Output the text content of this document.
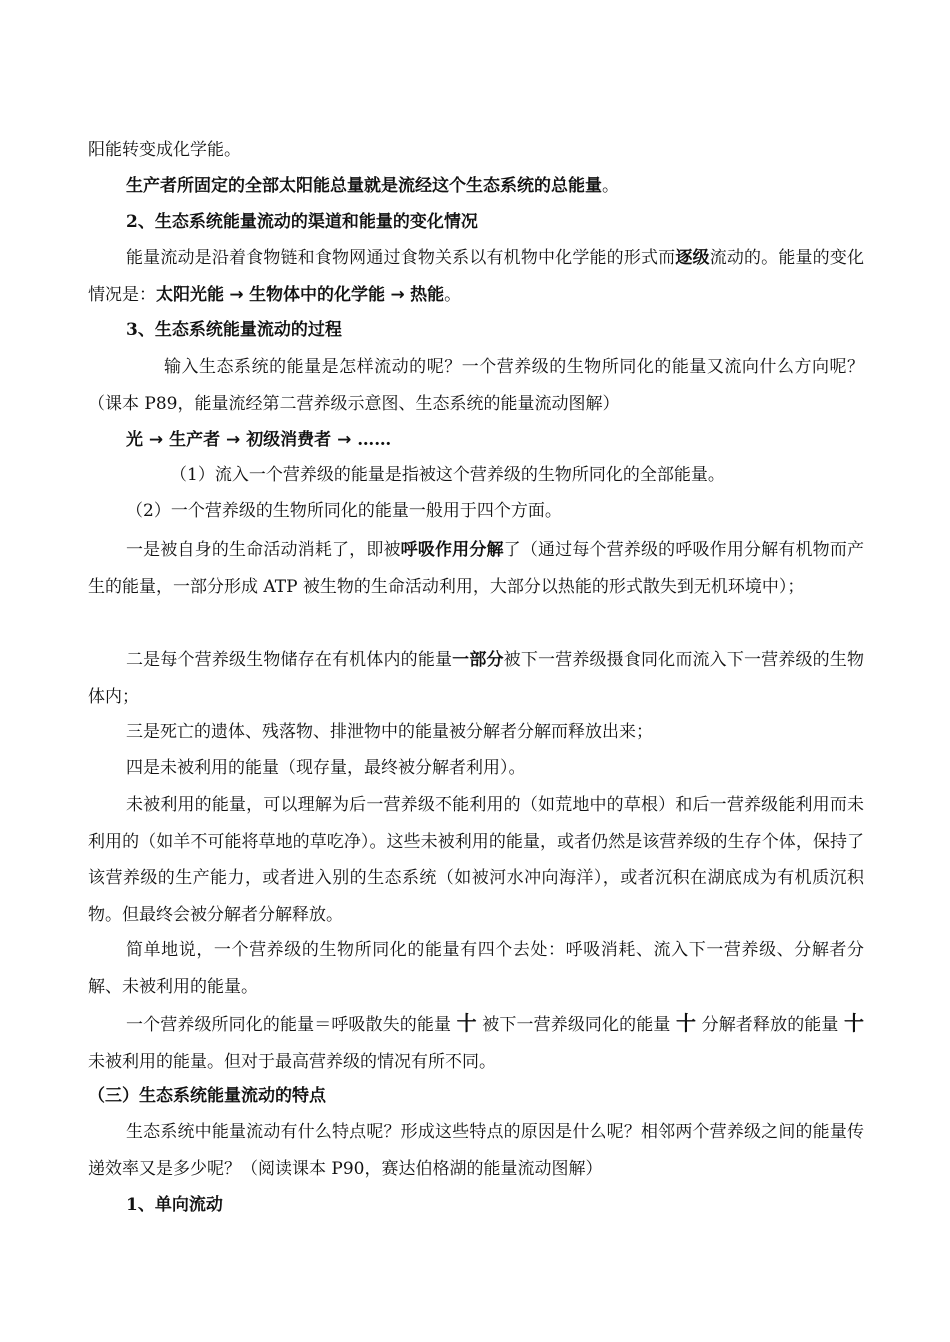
阳能转变成化学能。
生产者所固定的全部太阳能总量就是流经这个生态系统的总能量。
2、生态系统能量流动的渠道和能量的变化情况
能量流动是沿着食物链和食物网通过食物关系以有机物中化学能的形式而逐级流动的。能量的变化情况是：太阳光能 → 生物体中的化学能 → 热能。
3、生态系统能量流动的过程
输入生态系统的能量是怎样流动的呢？一个营养级的生物所同化的能量又流向什么方向呢？（课本 P89，能量流经第二营养级示意图、生态系统的能量流动图解）
光 → 生产者 → 初级消费者 → ……
（1）流入一个营养级的能量是指被这个营养级的生物所同化的全部能量。
（2）一个营养级的生物所同化的能量一般用于四个方面。
一是被自身的生命活动消耗了，即被呼吸作用分解了（通过每个营养级的呼吸作用分解有机物而产生的能量，一部分形成 ATP 被生物的生命活动利用，大部分以热能的形式散失到无机环境中）；
二是每个营养级生物储存在有机体内的能量一部分被下一营养级摄食同化而流入下一营养级的生物体内；
三是死亡的遗体、残落物、排泄物中的能量被分解者分解而释放出来；
四是未被利用的能量（现存量，最终被分解者利用）。
未被利用的能量，可以理解为后一营养级不能利用的（如荒地中的草根）和后一营养级能利用而未利用的（如羊不可能将草地的草吃净）。这些未被利用的能量，或者仍然是该营养级的生存个体，保持了该营养级的生产能力，或者进入别的生态系统（如被河水冲向海洋），或者沉积在湖底成为有机质沉积物。但最终会被分解者分解释放。
简单地说，一个营养级的生物所同化的能量有四个去处：呼吸消耗、流入下一营养级、分解者分解、未被利用的能量。
一个营养级所同化的能量＝呼吸散失的能量 十 被下一营养级同化的能量 十 分解者释放的能量 十 未被利用的能量。但对于最高营养级的情况有所不同。
（三）生态系统能量流动的特点
生态系统中能量流动有什么特点呢？形成这些特点的原因是什么呢？相邻两个营养级之间的能量传递效率又是多少呢？（阅读课本 P90，赛达伯格湖的能量流动图解）
1、单向流动
